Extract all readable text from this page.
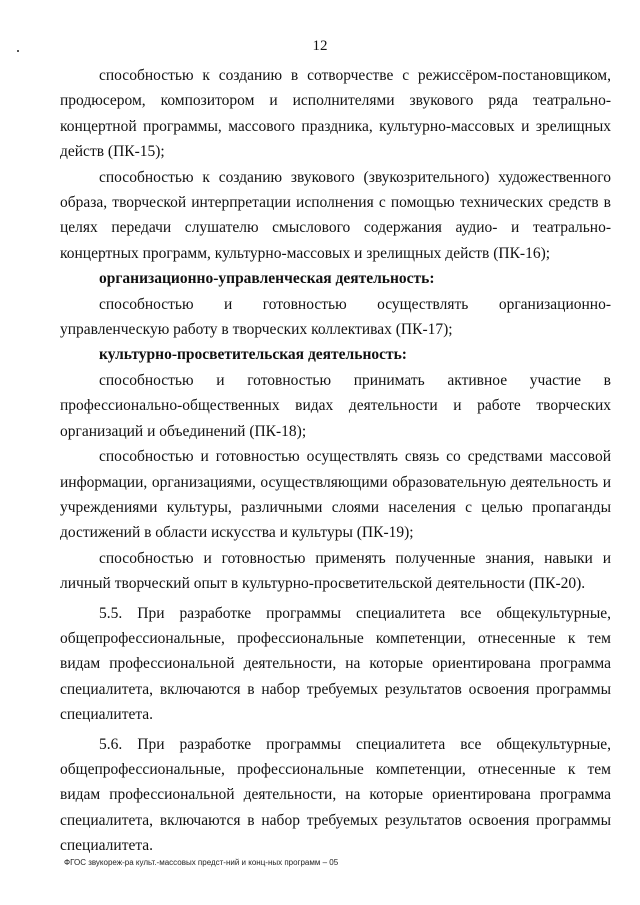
12

способностью к созданию в сотворчестве с режиссёром-постановщиком, продюсером, композитором и исполнителями звукового ряда театрально-концертной программы, массового праздника, культурно-массовых и зрелищных действ (ПК-15);

способностью к созданию звукового (звукозрительного) художественного образа, творческой интерпретации исполнения с помощью технических средств в целях передачи слушателю смыслового содержания аудио- и театрально-концертных программ, культурно-массовых и зрелищных действ (ПК-16);

организационно-управленческая деятельность:

способностью и готовностью осуществлять организационно-управленческую работу в творческих коллективах (ПК-17);

культурно-просветительская деятельность:

способностью и готовностью принимать активное участие в профессионально-общественных видах деятельности и работе творческих организаций и объединений (ПК-18);

способностью и готовностью осуществлять связь со средствами массовой информации, организациями, осуществляющими образовательную деятельность и учреждениями культуры, различными слоями населения с целью пропаганды достижений в области искусства и культуры (ПК-19);

способностью и готовностью применять полученные знания, навыки и личный творческий опыт в культурно-просветительской деятельности (ПК-20).

5.5. При разработке программы специалитета все общекультурные, общепрофессиональные, профессиональные компетенции, отнесенные к тем видам профессиональной деятельности, на которые ориентирована программа специалитета, включаются в набор требуемых результатов освоения программы специалитета.

5.6. При разработке программы специалитета все общекультурные, общепрофессиональные, профессиональные компетенции, отнесенные к тем видам профессиональной деятельности, на которые ориентирована программа специалитета, включаются в набор требуемых результатов освоения программы специалитета.

ФГОС звукореж-ра культ.-массовых предст-ний и конц-ных программ – 05
